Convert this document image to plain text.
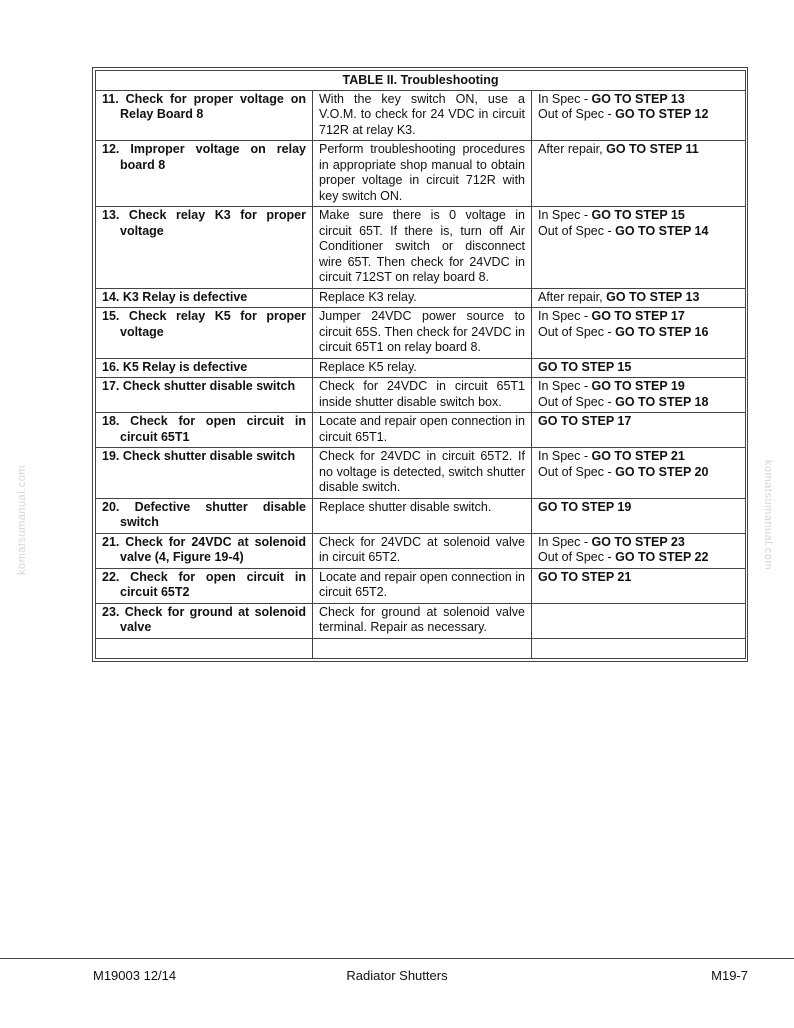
komatsumanual.com	komatsumanual.com
TABLE II. Troubleshooting		
11. Check for proper voltage on Relay Board 8	With the key switch ON, use a V.O.M. to check for 24 VDC in circuit 712R at relay K3.	In Spec - GO TO STEP 13
Out of Spec - GO TO STEP 12

12. Improper voltage on relay board 8	Perform troubleshooting procedures in appropriate shop manual to obtain proper voltage in circuit 712R with key switch ON.	After repair, GO TO STEP 11

13. Check relay K3 for proper voltage	Make sure there is 0 voltage in circuit 65T. If there is, turn off Air Conditioner switch or disconnect wire 65T. Then check for 24VDC in circuit 712ST on relay board 8.	In Spec - GO TO STEP 15
Out of Spec - GO TO STEP 14

14. K3 Relay is defective	Replace K3 relay.	After repair, GO TO STEP 13

15. Check relay K5 for proper voltage	Jumper 24VDC power source to circuit 65S. Then check for 24VDC in circuit 65T1 on relay board 8.	In Spec - GO TO STEP 17
Out of Spec - GO TO STEP 16

16. K5 Relay is defective	Replace K5 relay.	GO TO STEP 15

17. Check shutter disable switch	Check for 24VDC in circuit 65T1 inside shutter disable switch box.	In Spec - GO TO STEP 19
Out of Spec - GO TO STEP 18

18. Check for open circuit in circuit 65T1	Locate and repair open connection in circuit 65T1.	GO TO STEP 17

19. Check shutter disable switch	Check for 24VDC in circuit 65T2. If no voltage is detected, switch shutter disable switch.	In Spec - GO TO STEP 21
Out of Spec - GO TO STEP 20

20. Defective shutter disable switch	Replace shutter disable switch.	GO TO STEP 19

21. Check for 24VDC at solenoid valve (4, Figure 19-4)	Check for 24VDC at solenoid valve in circuit 65T2.	In Spec - GO TO STEP 23
Out of Spec - GO TO STEP 22

22. Check for open circuit in circuit 65T2	Locate and repair open connection in circuit 65T2.	GO TO STEP 21

23. Check for ground at solenoid valve	Check for ground at solenoid valve terminal. Repair as necessary.	

M19003 12/14	Radiator Shutters	M19-7
